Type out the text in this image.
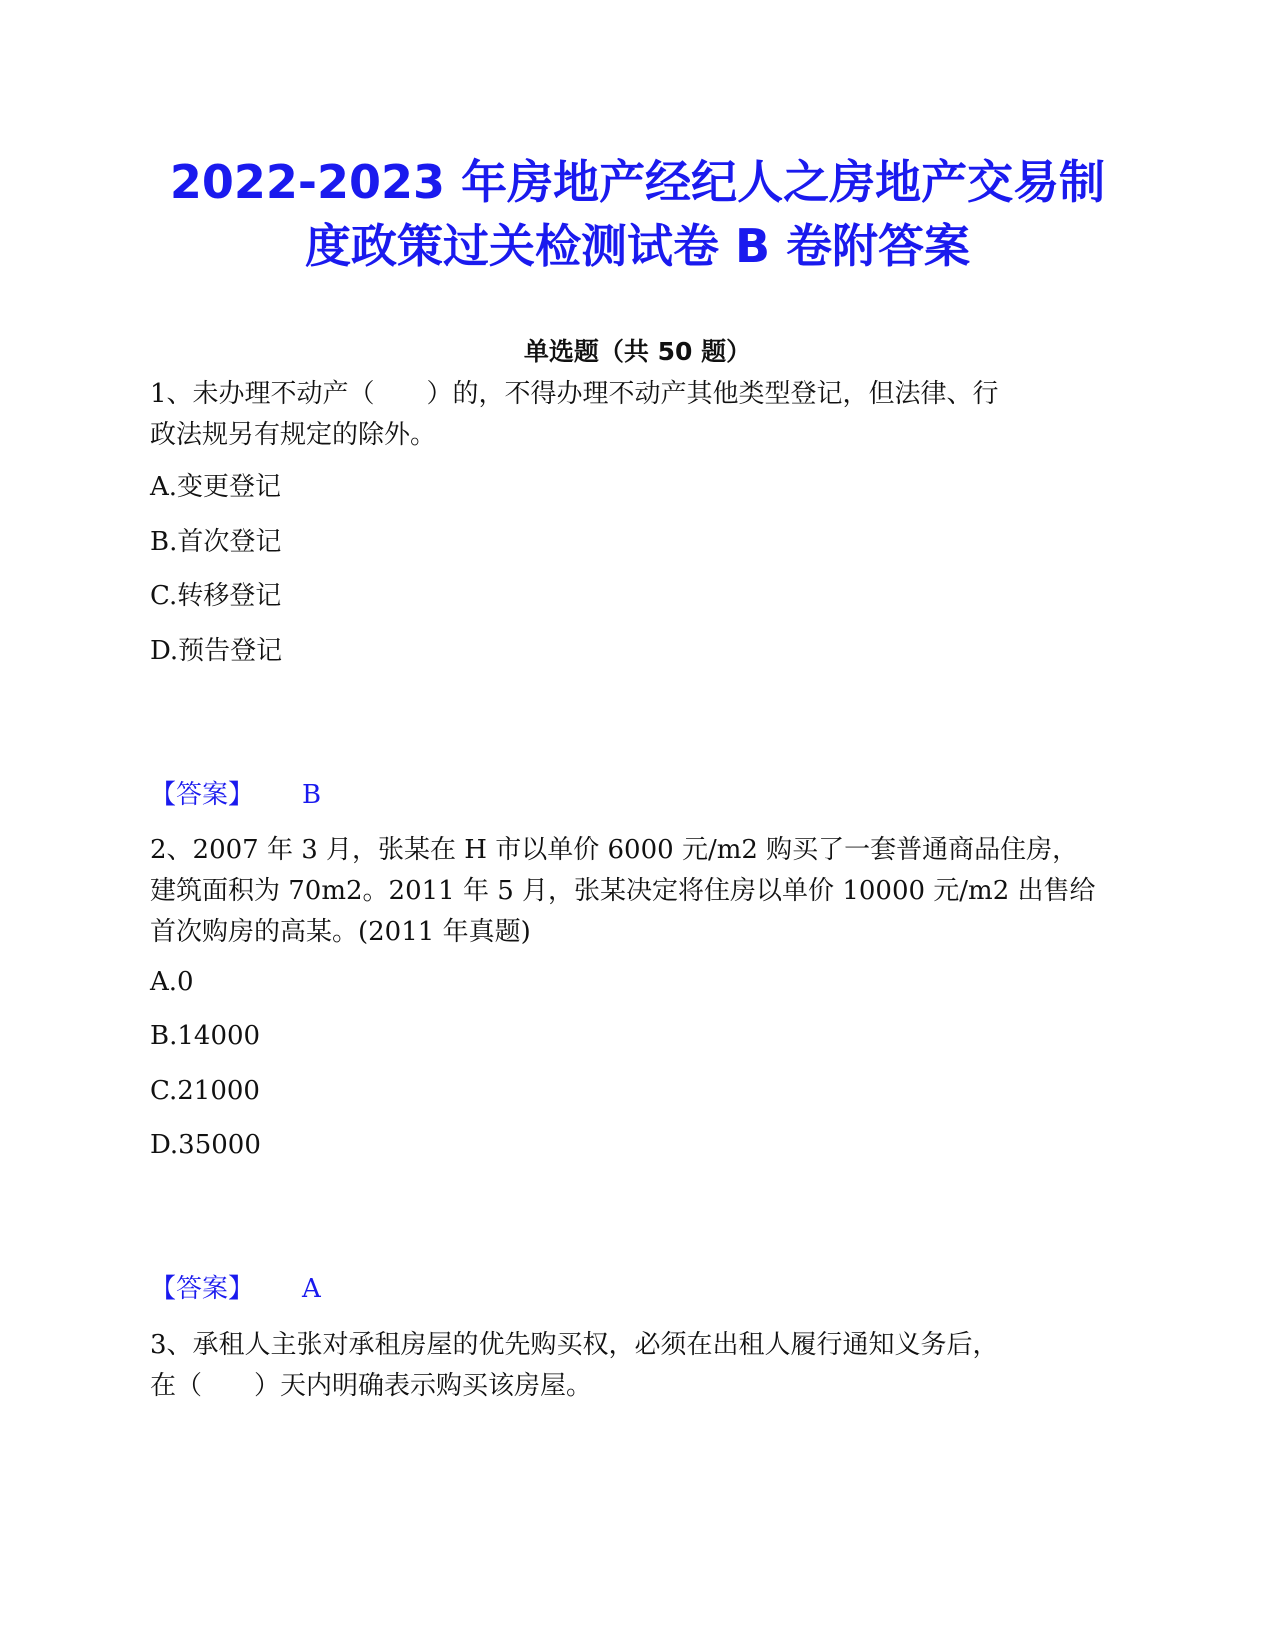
2022-2023 年房地产经纪人之房地产交易制
度政策过关检测试卷 B 卷附答案
单选题（共 50 题）

1、未办理不动产（　　）的，不得办理不动产其他类型登记，但法律、行
政法规另有规定的除外。

A.变更登记
B.首次登记
C.转移登记
D.预告登记
【答案】 B

2、2007 年 3 月，张某在 H 市以单价 6000 元/m2 购买了一套普通商品住房，
建筑面积为 70m2。2011 年 5 月，张某决定将住房以单价 10000 元/m2 出售给
首次购房的高某。(2011 年真题)

A.0
B.14000
C.21000
D.35000
【答案】 A

3、承租人主张对承租房屋的优先购买权，必须在出租人履行通知义务后，
在（　　）天内明确表示购买该房屋。
